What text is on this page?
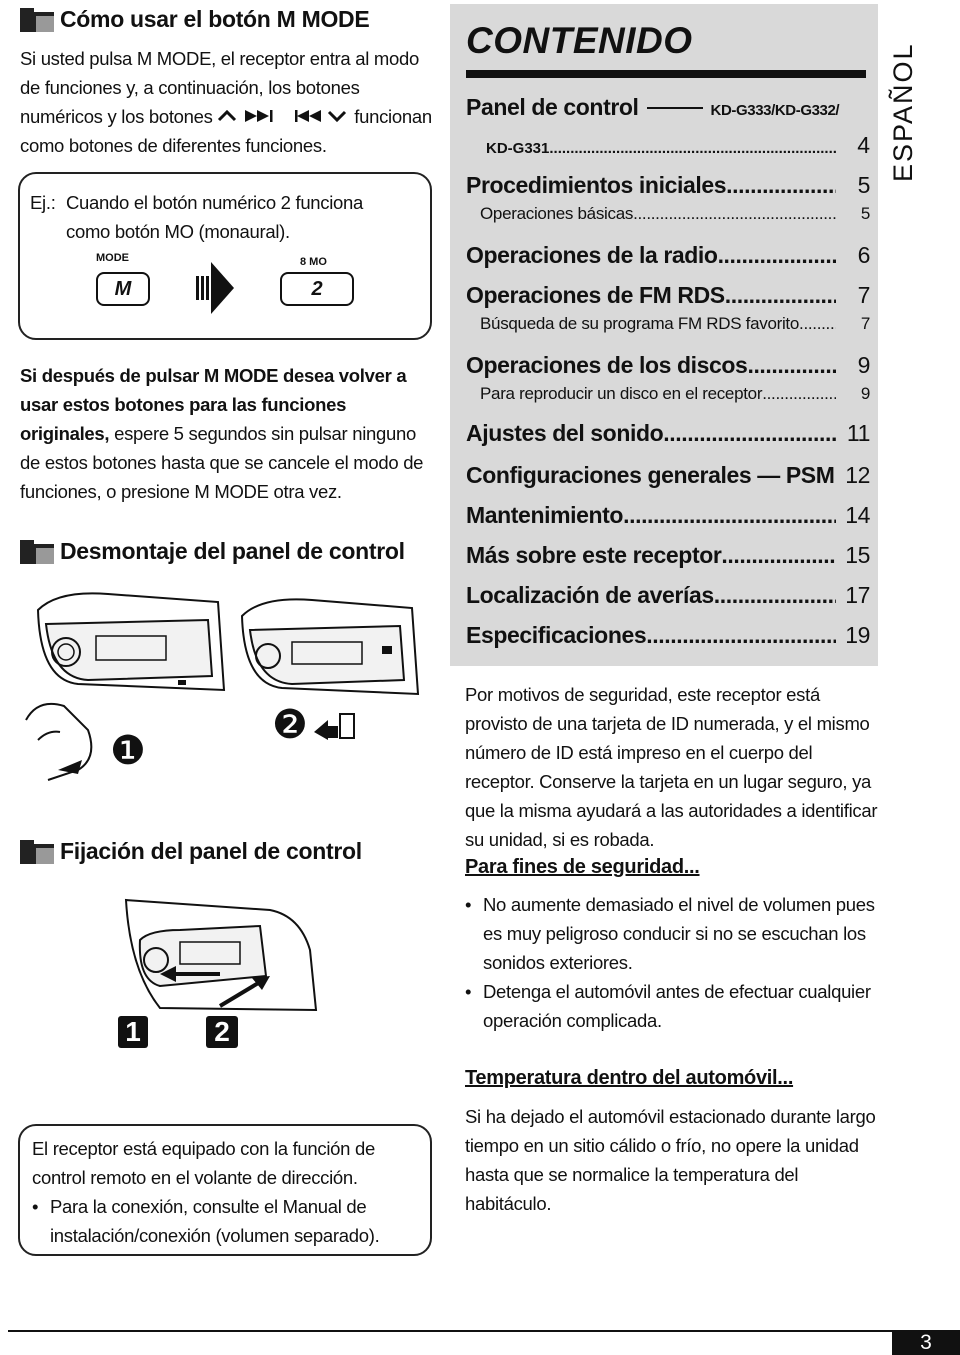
Cómo usar el botón M MODE
Si usted pulsa M MODE, el receptor entra al modo de funciones y, a continuación, los botones numéricos y los botones	funcionan como botones de diferentes funciones.
Ej.: Cuando el botón numérico 2 funciona como botón MO (monaural).
MODE
M
8 MO
2
Si después de pulsar M MODE desea volver a usar estos botones para las funciones originales, espere 5 segundos sin pulsar ninguno de estos botones hasta que se cancele el modo de funciones, o presione M MODE otra vez.
Desmontaje del panel de control
❶
❷
Fijación del panel de control
1	2
El receptor está equipado con la función de control remoto en el volante de dirección.
• Para la conexión, consulte el Manual de instalación/conexión (volumen separado).
CONTENIDO
Panel de control	KD-G333/KD-G332/
KD-G331 .....	4
Procedimientos iniciales .....	5
Operaciones básicas .....	5
Operaciones de la radio .....	6
Operaciones de FM RDS .....	7
Búsqueda de su programa FM RDS favorito .....	7
Operaciones de los discos .....	9
Para reproducir un disco en el receptor .....	9
Ajustes del sonido .....	11
Configuraciones generales — PSM ..... 12
Mantenimiento .....	14
Más sobre este receptor .....	15
Localización de averías .....	17
Especificaciones .....	19
ESPAÑOL
Por motivos de seguridad, este receptor está provisto de una tarjeta de ID numerada, y el mismo número de ID está impreso en el cuerpo del receptor. Conserve la tarjeta en un lugar seguro, ya que la misma ayudará a las autoridades a identificar su unidad, si es robada.
Para fines de seguridad...
• No aumente demasiado el nivel de volumen pues es muy peligroso conducir si no se escuchan los sonidos exteriores.
• Detenga el automóvil antes de efectuar cualquier operación complicada.
Temperatura dentro del automóvil...
Si ha dejado el automóvil estacionado durante largo tiempo en un sitio cálido o frío, no opere la unidad hasta que se normalice la temperatura del habitáculo.
3
